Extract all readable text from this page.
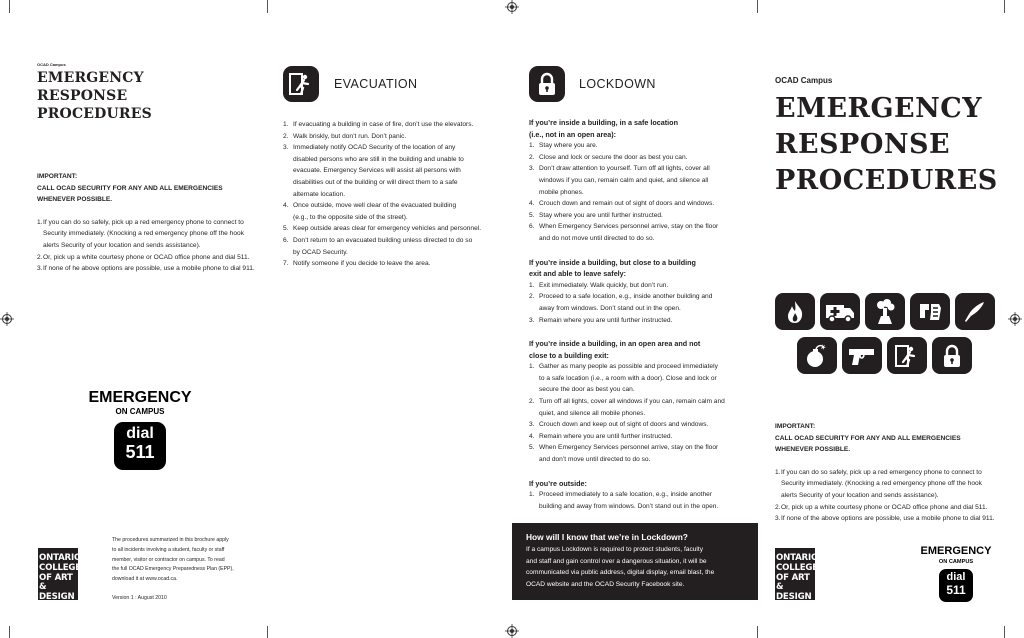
OCAD Campus
EMERGENCY
RESPONSE
PROCEDURES
IMPORTANT:
CALL OCAD SECURITY FOR ANY AND ALL EMERGENCIES
WHENEVER POSSIBLE.
1. If you can do so safely, pick up a red emergency phone to connect to
Security immediately. (Knocking a red emergency phone off the hook
alerts Security of your location and sends assistance).
2. Or, pick up a white courtesy phone or OCAD office phone and dial 511.
3. If none of he above options are possible, use a mobile phone to dial 911.
EMERGENCY
ON CAMPUS
dial
511
ONTARIO
COLLEGE
OF ART &
DESIGN
The procedures summarized in this brochure apply
to all incidents involving a student, faculty or staff
member, visitor or contractor on campus. To read
the full OCAD Emergency Preparedness Plan (EPP),
download it at www.ocad.ca.
Version 1 : August 2010
EVACUATION
1. If evacuating a building in case of fire, don’t use the elevators.
2. Walk briskly, but don’t run. Don’t panic.
3. Immediately notify OCAD Security of the location of any
disabled persons who are still in the building and unable to
evacuate. Emergency Services will assist all persons with
disabilities out of the building or will direct them to a safe
alternate location.
4. Once outside, move well clear of the evacuated building
(e.g., to the opposite side of the street).
5. Keep outside areas clear for emergency vehicles and personnel.
6. Don’t return to an evacuated building unless directed to do so
by OCAD Security.
7. Notify someone if you decide to leave the area.
LOCKDOWN
If you’re inside a building, in a safe location
(i.e., not in an open area):
1. Stay where you are.
2. Close and lock or secure the door as best you can.
3. Don’t draw attention to yourself. Turn off all lights, cover all
windows if you can, remain calm and quiet, and silence all
mobile phones.
4. Crouch down and remain out of sight of doors and windows.
5. Stay where you are until further instructed.
6. When Emergency Services personnel arrive, stay on the floor
and do not move until directed to do so.
If you’re inside a building, but close to a building
exit and able to leave safely:
1. Exit immediately. Walk quickly, but don’t run.
2. Proceed to a safe location, e.g., inside another building and
away from windows. Don’t stand out in the open.
3. Remain where you are until further instructed.
If you’re inside a building, in an open area and not
close to a building exit:
1. Gather as many people as possible and proceed immediately
to a safe location (i.e., a room with a door). Close and lock or
secure the door as best you can.
2. Turn off all lights, cover all windows if you can, remain calm and
quiet, and silence all mobile phones.
3. Crouch down and keep out of sight of doors and windows.
4. Remain where you are until further instructed.
5. When Emergency Services personnel arrive, stay on the floor
and don’t move until directed to do so.
If you’re outside:
1. Proceed immediately to a safe location, e.g., inside another
building and away from windows. Don’t stand out in the open.
How will I know that we’re in Lockdown?
If a campus Lockdown is required to protect students, faculty
and staff and gain control over a dangerous situation, it will be
communicated via public address, digital display, email blast, the
OCAD website and the OCAD Security Facebook site.
OCAD Campus
EMERGENCY
RESPONSE
PROCEDURES
IMPORTANT:
CALL OCAD SECURITY FOR ANY AND ALL EMERGENCIES
WHENEVER POSSIBLE.
1. If you can do so safely, pick up a red emergency phone to connect to
Security immediately. (Knocking a red emergency phone off the hook
alerts Security of your location and sends assistance).
2. Or, pick up a white courtesy phone or OCAD office phone and dial 511.
3. If none of the above options are possible, use a mobile phone to dial 911.
ONTARIO
COLLEGE
OF ART &
DESIGN
EMERGENCY
ON CAMPUS
dial
511
